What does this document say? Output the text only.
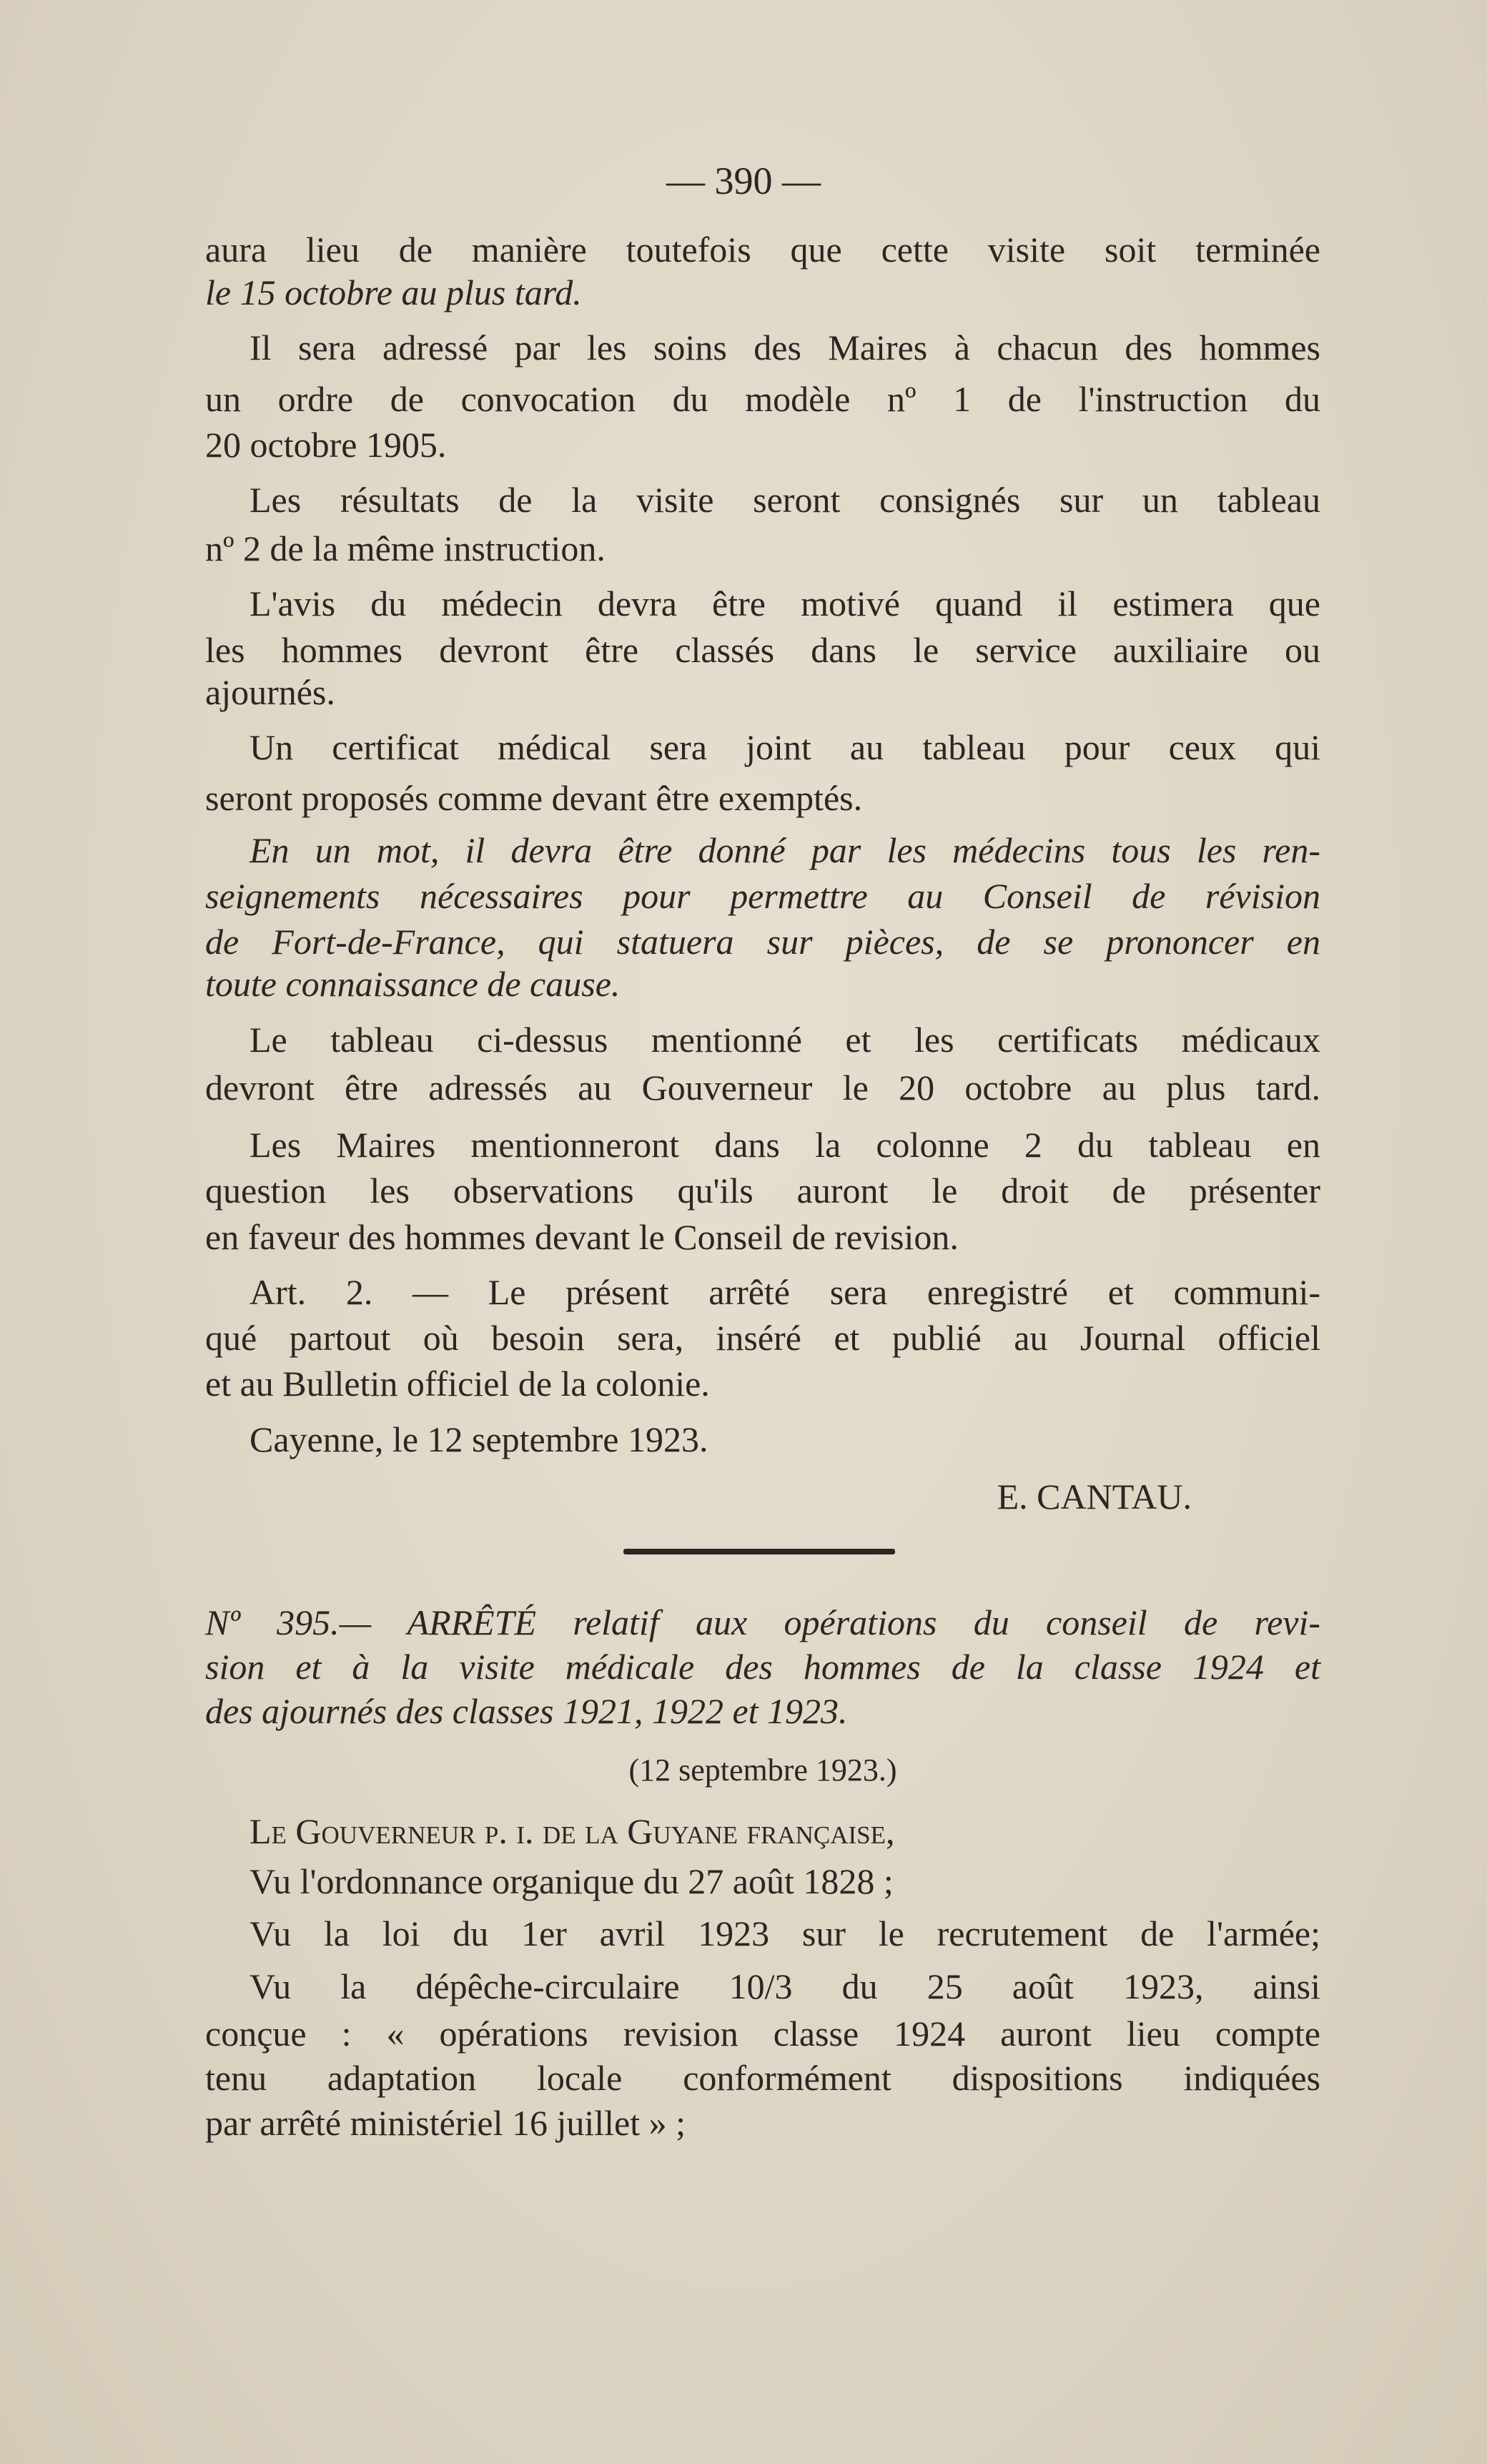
— 390 —
aura lieu de manière toutefois que cette visite soit terminée
le 15 octobre au plus tard.
Il sera adressé par les soins des Maires à chacun des hommes
un ordre de convocation du modèle nº 1 de l'instruction du
20 octobre 1905.
Les résultats de la visite seront consignés sur un tableau
nº 2 de la même instruction.
L'avis du médecin devra être motivé quand il estimera que
les hommes devront être classés dans le service auxiliaire ou
ajournés.
Un certificat médical sera joint au tableau pour ceux qui
seront proposés comme devant être exemptés.
En un mot, il devra être donné par les médecins tous les ren-
seignements nécessaires pour permettre au Conseil de révision
de Fort-de-France, qui statuera sur pièces, de se prononcer en
toute connaissance de cause.
Le tableau ci-dessus mentionné et les certificats médicaux
devront être adressés au Gouverneur le 20 octobre au plus tard.
Les Maires mentionneront dans la colonne 2 du tableau en
question les observations qu'ils auront le droit de présenter
en faveur des hommes devant le Conseil de revision.
Art. 2. — Le présent arrêté sera enregistré et communi-
qué partout où besoin sera, inséré et publié au Journal officiel
et au Bulletin officiel de la colonie.
Cayenne, le 12 septembre 1923.
E. CANTAU.
Nº 395.— ARRÊTÉ relatif aux opérations du conseil de revi-
sion et à la visite médicale des hommes de la classe 1924 et
des ajournés des classes 1921, 1922 et 1923.
(12 septembre 1923.)
Le Gouverneur p. i. de la Guyane française,
Vu l'ordonnance organique du 27 août 1828 ;
Vu la loi du 1er avril 1923 sur le recrutement de l'armée;
Vu la dépêche-circulaire 10/3 du 25 août 1923, ainsi
conçue : « opérations revision classe 1924 auront lieu compte
tenu adaptation locale conformément dispositions indiquées
par arrêté ministériel 16 juillet » ;
